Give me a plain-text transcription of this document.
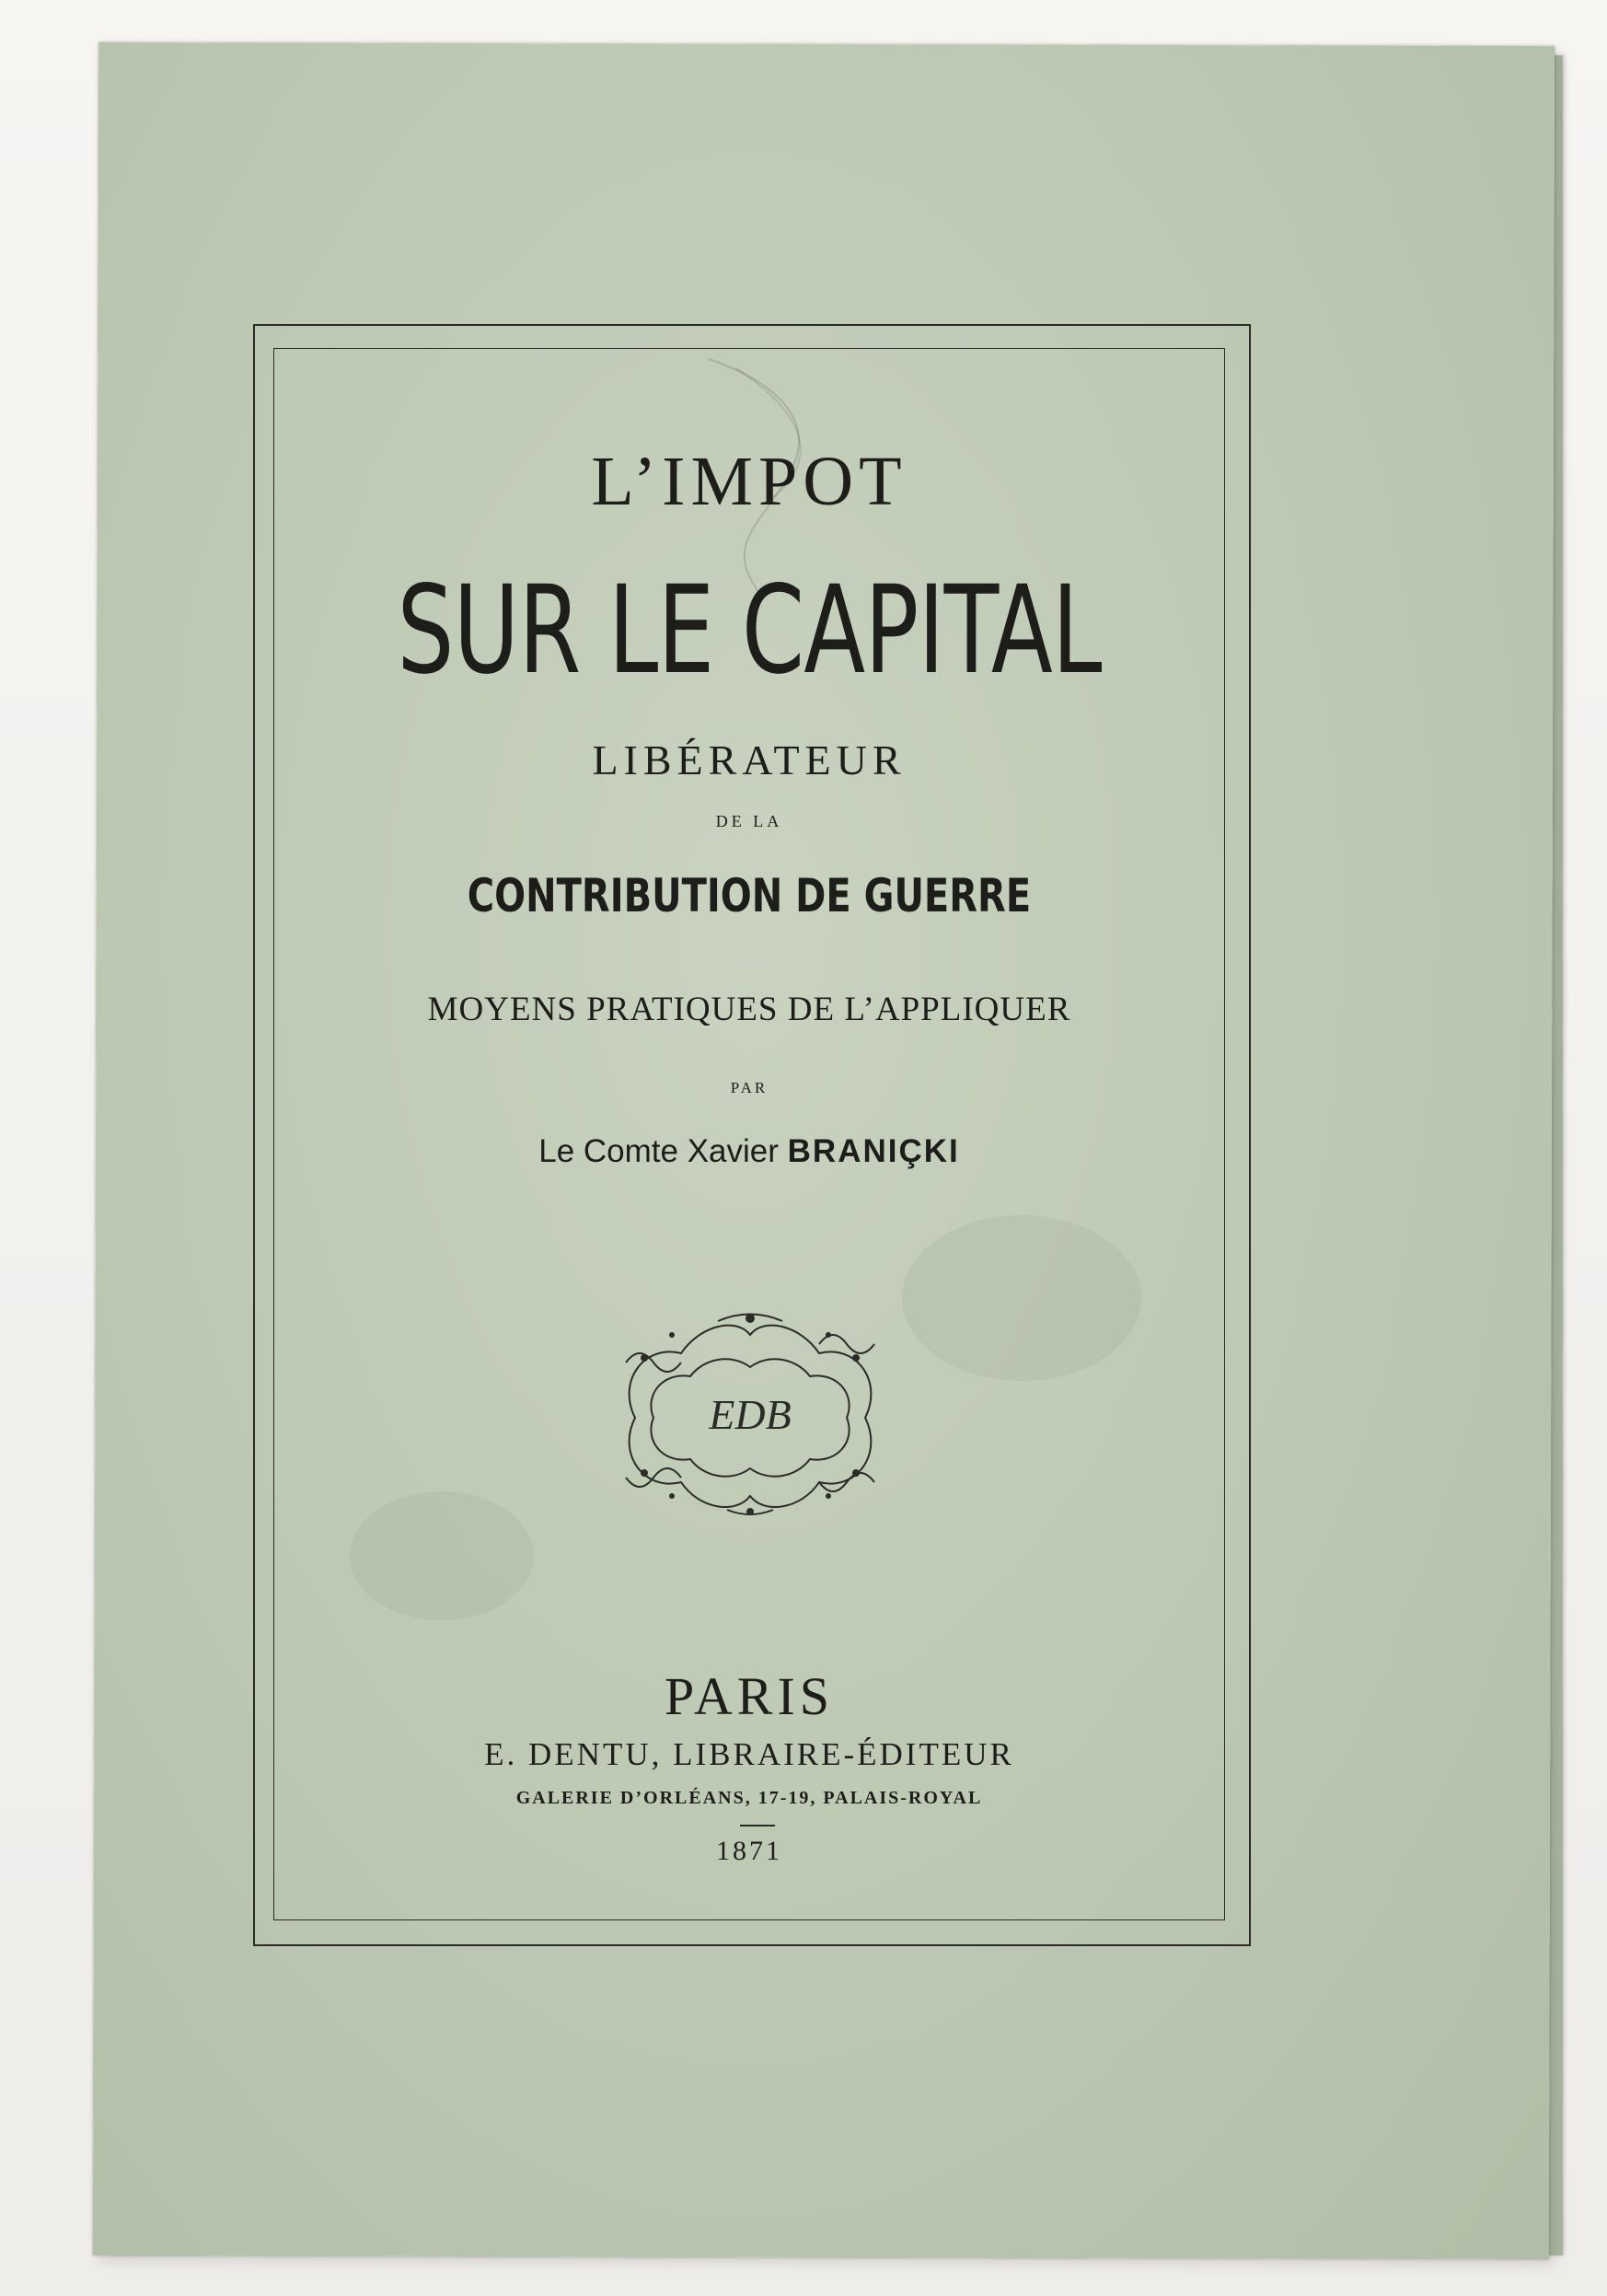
L’IMPOT
SUR LE CAPITAL
LIBÉRATEUR
DE LA
CONTRIBUTION DE GUERRE
MOYENS PRATIQUES DE L’APPLIQUER
PAR
Le Comte Xavier BRANIÇKI
EDB
PARIS
E. DENTU, LIBRAIRE-ÉDITEUR
GALERIE D’ORLÉANS, 17-19, PALAIS-ROYAL
1871
